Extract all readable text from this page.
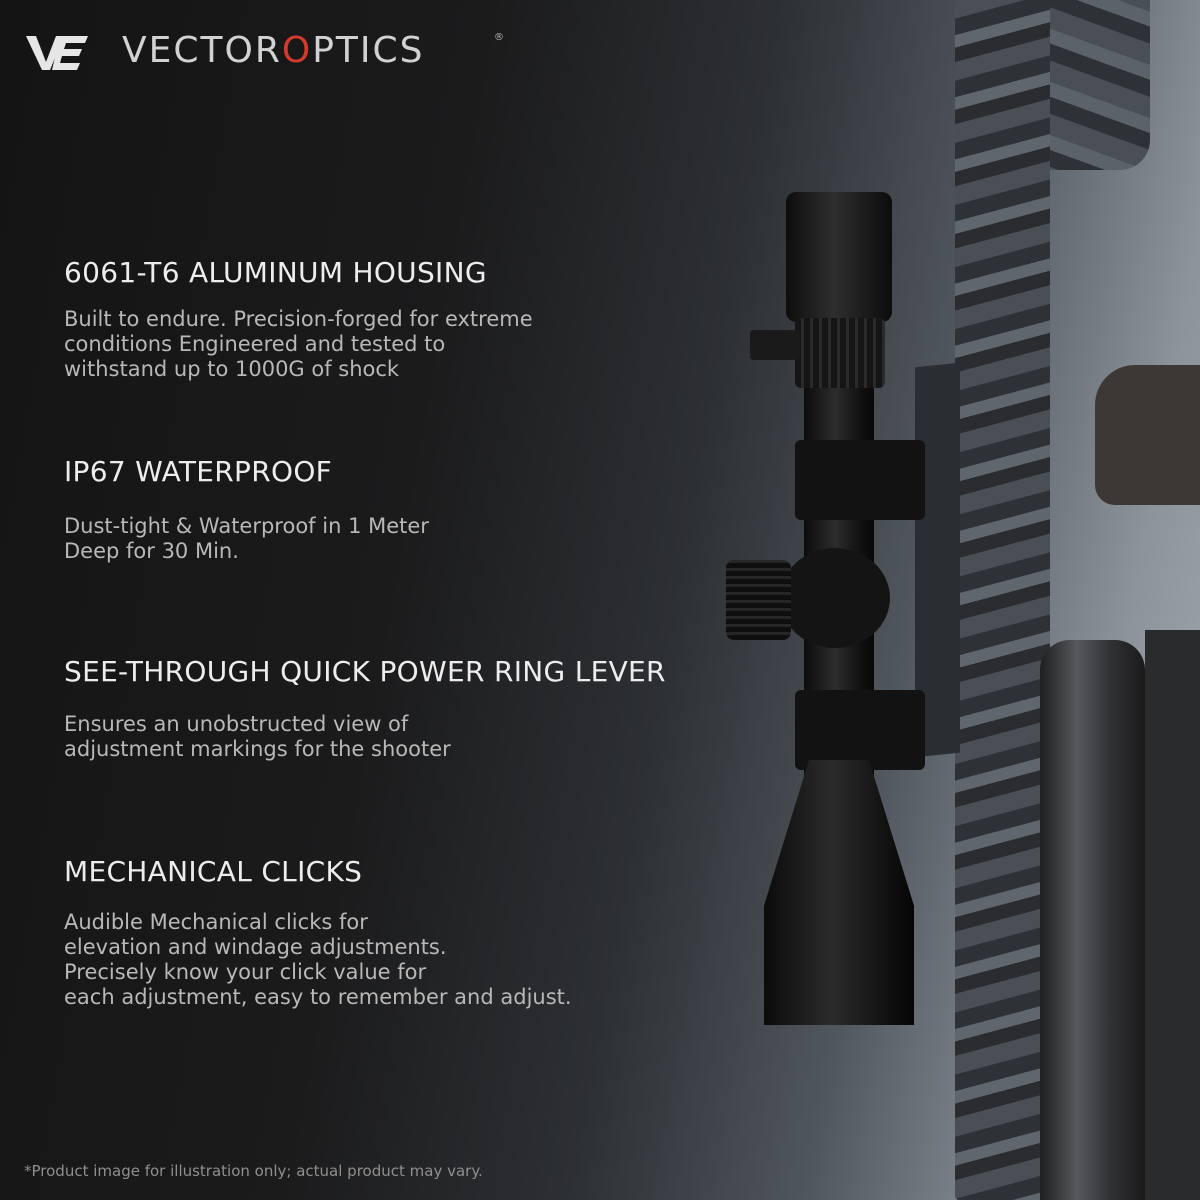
VECTOROPTICS	®
6061-T6 ALUMINUM HOUSING

Built to endure. Precision-forged for extreme
conditions Engineered and tested to
withstand up to 1000G of shock

IP67 WATERPROOF

Dust-tight & Waterproof in 1 Meter
Deep for 30 Min.

SEE-THROUGH QUICK POWER RING LEVER

Ensures an unobstructed view of
adjustment markings for the shooter

MECHANICAL CLICKS

Audible Mechanical clicks for
elevation and windage adjustments.
Precisely know your click value for
each adjustment, easy to remember and adjust.

*Product image for illustration only; actual product may vary.
